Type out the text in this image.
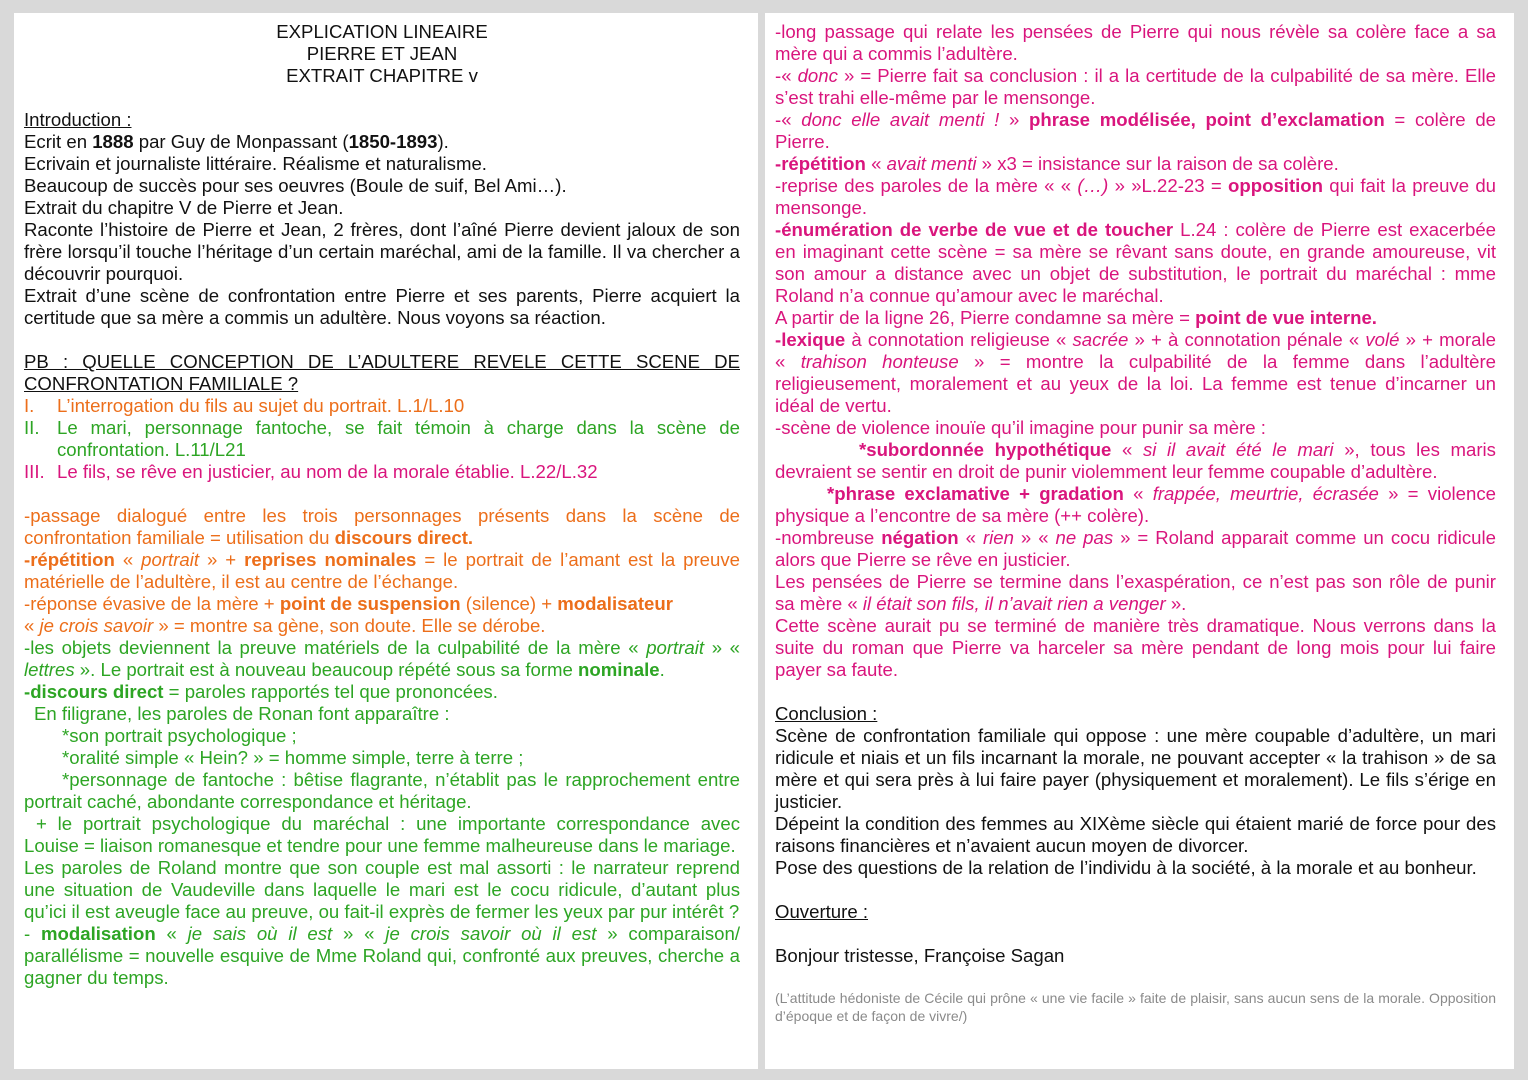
EXPLICATION LINEAIRE

PIERRE ET JEAN

EXTRAIT CHAPITRE v

Introduction :

Ecrit en 1888 par Guy de Monpassant (1850-1893).

Ecrivain et journaliste littéraire. Réalisme et naturalisme.

Beaucoup de succès pour ses oeuvres (Boule de suif, Bel Ami…).

Extrait du chapitre V de Pierre et Jean.

Raconte l’histoire de Pierre et Jean, 2 frères, dont l’aîné Pierre devient jaloux de son frère lorsqu’il touche l’héritage d’un certain maréchal, ami de la famille. Il va chercher a découvrir pourquoi.

Extrait d’une scène de confrontation entre Pierre et ses parents, Pierre acquiert la certitude que sa mère a commis un adultère. Nous voyons sa réaction.

PB : QUELLE CONCEPTION DE L’ADULTERE REVELE CETTE SCENE DE CONFRONTATION FAMILIALE ?

I.	L’interrogation du fils au sujet du portrait. L.1/L.10
II. Le mari, personnage fantoche, se fait témoin à charge dans la scène de confrontation. L.11/L21
III. Le fils, se rêve en justicier, au nom de la morale établie. L.22/L.32

-passage dialogué entre les trois personnages présents dans la scène de confrontation familiale = utilisation du discours direct.

-répétition « portrait » + reprises nominales = le portrait de l’amant est la preuve matérielle de l’adultère, il est au centre de l’échange.

-réponse évasive de la mère + point de suspension (silence) + modalisateur
« je crois savoir » = montre sa gène, son doute. Elle se dérobe.

-les objets deviennent la preuve matériels de la culpabilité de la mère « portrait » « lettres ». Le portrait est à nouveau beaucoup répété sous sa forme nominale.

-discours direct = paroles rapportés tel que prononcées.

En filigrane, les paroles de Ronan font apparaître :

*son portrait psychologique ;

*oralité simple « Hein? » = homme simple, terre à terre ;

*personnage de fantoche : bêtise flagrante, n’établit pas le rapprochement entre portrait caché, abondante correspondance et héritage.

+ le portrait psychologique du maréchal : une importante correspondance avec Louise = liaison romanesque et tendre pour une femme malheureuse dans le mariage.

Les paroles de Roland montre que son couple est mal assorti : le narrateur reprend une situation de Vaudeville dans laquelle le mari est le cocu ridicule, d’autant plus qu’ici il est aveugle face au preuve, ou fait-il exprès de fermer les yeux par pur intérêt ?

- modalisation « je sais où il est » « je crois savoir où il est » comparaison/ parallélisme = nouvelle esquive de Mme Roland qui, confronté aux preuves, cherche a gagner du temps.

-long passage qui relate les pensées de Pierre qui nous révèle sa colère face a sa mère qui a commis l’adultère.

-« donc » = Pierre fait sa conclusion : il a la certitude de la culpabilité de sa mère. Elle s’est trahi elle-même par le mensonge.

-« donc elle avait menti ! » phrase modélisée, point d’exclamation = colère de Pierre.

-répétition « avait menti » x3 = insistance sur la raison de sa colère.

-reprise des paroles de la mère « « (…) » »L.22-23 = opposition qui fait la preuve du mensonge.

-énumération de verbe de vue et de toucher L.24 : colère de Pierre est exacerbée en imaginant cette scène = sa mère se rêvant sans doute, en grande amoureuse, vit son amour a distance avec un objet de substitution, le portrait du maréchal : mme Roland n’a connue qu’amour avec le maréchal.

A partir de la ligne 26, Pierre condamne sa mère = point de vue interne.

-lexique à connotation religieuse « sacrée » + à connotation pénale « volé » + morale « trahison honteuse » = montre la culpabilité de la femme dans l’adultère religieusement, moralement et au yeux de la loi. La femme est tenue d’incarner un idéal de vertu.

-scène de violence inouïe qu’il imagine pour punir sa mère :

*subordonnée hypothétique « si il avait été le mari », tous les maris devraient se sentir en droit de punir violemment leur femme coupable d’adultère.

*phrase exclamative + gradation « frappée, meurtrie, écrasée » = violence physique a l’encontre de sa mère (++ colère).

-nombreuse négation « rien » « ne pas » = Roland apparait comme un cocu ridicule alors que Pierre se rêve en justicier.

Les pensées de Pierre se termine dans l’exaspération, ce n’est pas son rôle de punir sa mère « il était son fils, il n’avait rien a venger ».

Cette scène aurait pu se terminé de manière très dramatique. Nous verrons dans la suite du roman que Pierre va harceler sa mère pendant de long mois pour lui faire payer sa faute.

Conclusion :

Scène de confrontation familiale qui oppose : une mère coupable d’adultère, un mari ridicule et niais et un fils incarnant la morale, ne pouvant accepter « la trahison » de sa mère et qui sera près à lui faire payer (physiquement et moralement). Le fils s’érige en justicier.

Dépeint la condition des femmes au XIXème siècle qui étaient marié de force pour des raisons financières et n’avaient aucun moyen de divorcer.

Pose des questions de la relation de l’individu à la société, à la morale et au bonheur.

Ouverture :

Bonjour tristesse, Françoise Sagan

(L’attitude hédoniste de Cécile qui prône « une vie facile » faite de plaisir, sans aucun sens de la morale. Opposition d’époque et de façon de vivre/)
